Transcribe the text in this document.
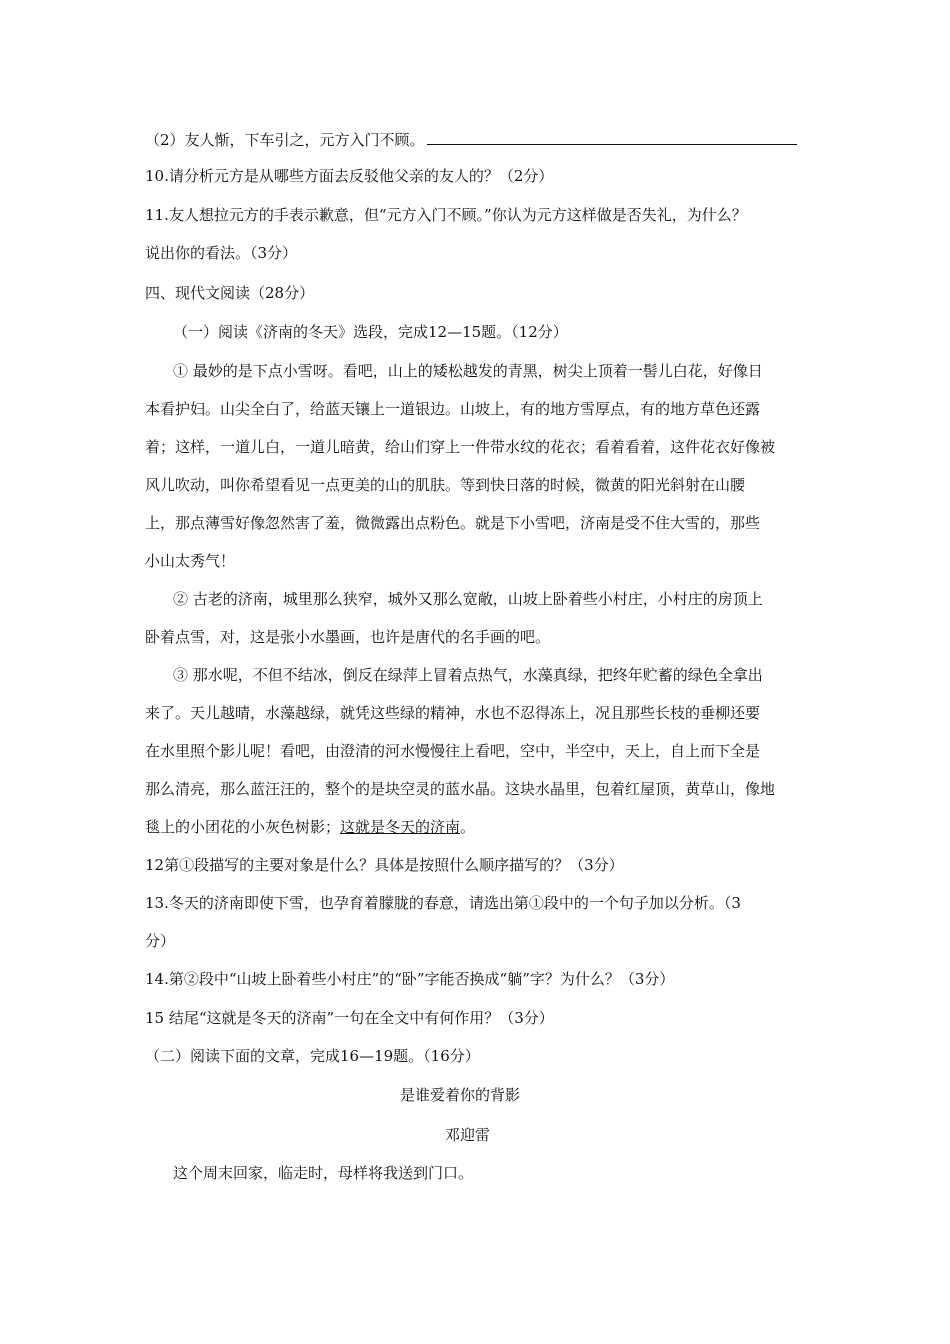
（2）友人惭，下车引之，元方入门不顾。
10.请分析元方是从哪些方面去反驳他父亲的友人的？（2分）
11.友人想拉元方的手表示歉意，但“元方入门不顾。”你认为元方这样做是否失礼，为什么？
说出你的看法。（3分）
四、现代文阅读（28分）
（一）阅读《济南的冬天》选段，完成12—15题。（12分）
① 最妙的是下点小雪呀。看吧，山上的矮松越发的青黑，树尖上顶着一髻儿白花，好像日
本看护妇。山尖全白了，给蓝天镶上一道银边。山坡上，有的地方雪厚点，有的地方草色还露
着；这样，一道儿白，一道儿暗黄，给山们穿上一件带水纹的花衣；看着看着，这件花衣好像被
风儿吹动，叫你希望看见一点更美的山的肌肤。等到快日落的时候，微黄的阳光斜射在山腰
上，那点薄雪好像忽然害了羞，微微露出点粉色。就是下小雪吧，济南是受不住大雪的，那些
小山太秀气！
② 古老的济南，城里那么狭窄，城外又那么宽敞，山坡上卧着些小村庄，小村庄的房顶上
卧着点雪，对，这是张小水墨画，也许是唐代的名手画的吧。
③ 那水呢，不但不结冰，倒反在绿萍上冒着点热气，水藻真绿，把终年贮蓄的绿色全拿出
来了。天儿越晴，水藻越绿，就凭这些绿的精神，水也不忍得冻上，况且那些长枝的垂柳还要
在水里照个影儿呢！看吧，由澄清的河水慢慢往上看吧，空中，半空中，天上，自上而下全是
那么清亮，那么蓝汪汪的，整个的是块空灵的蓝水晶。这块水晶里，包着红屋顶，黄草山，像地
毯上的小团花的小灰色树影；这就是冬天的济南。
12第①段描写的主要对象是什么？具体是按照什么顺序描写的？（3分）
13.冬天的济南即使下雪，也孕育着朦胧的春意，请选出第①段中的一个句子加以分析。（3
分）
14.第②段中“山坡上卧着些小村庄”的“卧”字能否换成“躺”字？为什么？（3分）
15 结尾“这就是冬天的济南”一句在全文中有何作用？（3分）
（二）阅读下面的文章，完成16—19题。（16分）
是谁爱着你的背影
邓迎雷
这个周末回家，临走时，母样将我送到门口。
